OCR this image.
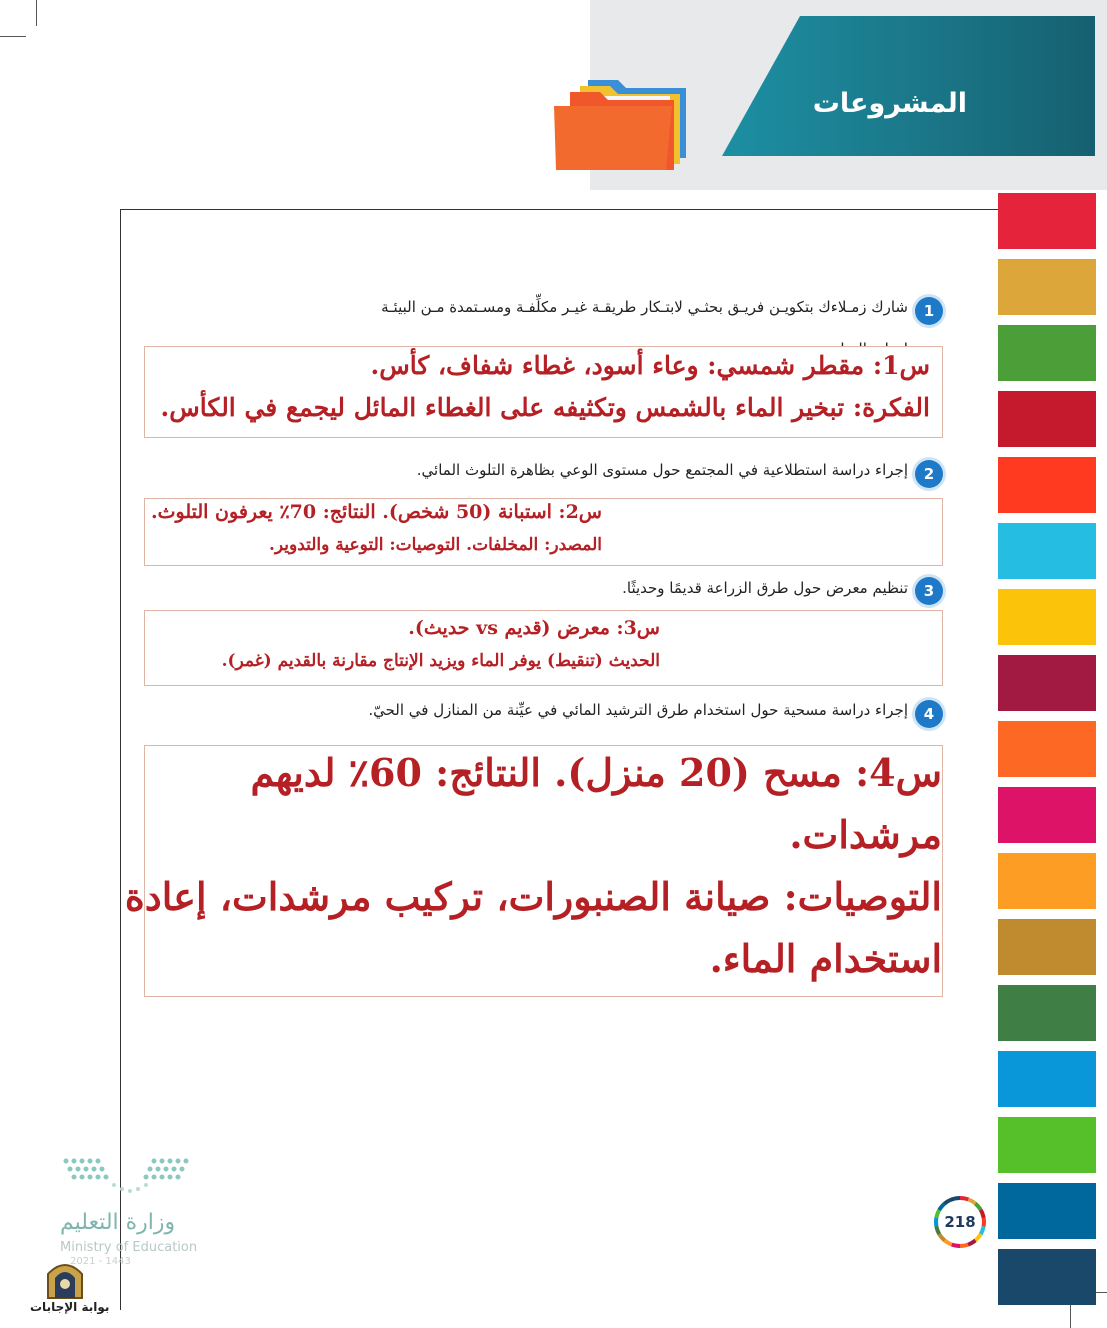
المشروعات
1
شارك زمـلاءك بتكويـن فريـق بحثـي لابتـكار طريقـة غيـر مكلِّفـة ومسـتمدة مـن البيئـة
س1: مقطر شمسي: وعاء أسود، غطاء شفاف، كأس.
الفكرة: تبخير الماء بالشمس وتكثيفه على الغطاء المائل ليجمع في الكأس.
2
إجراء دراسة استطلاعية في المجتمع حول مستوى الوعي بظاهرة التلوث المائي.
س2: استبانة (50 شخص). النتائج: 70٪ يعرفون التلوث.
المصدر: المخلفات. التوصيات: التوعية والتدوير.
3
تنظيم معرض حول طرق الزراعة قديمًا وحديثًا.
س3: معرض (قديم vs حديث).
الحديث (تنقيط) يوفر الماء ويزيد الإنتاج مقارنة بالقديم (غمر).
4
إجراء دراسة مسحية حول استخدام طرق الترشيد المائي في عيِّنة من المنازل في الحيّ.
س4: مسح (20 منزل). النتائج: 60٪ لديهم
مرشدات.
التوصيات: صيانة الصنبورات، تركيب مرشدات، إعادة
استخدام الماء.
218
وزارة التعليم
Ministry of Education
2021 - 1443
بوابة الإجابات
